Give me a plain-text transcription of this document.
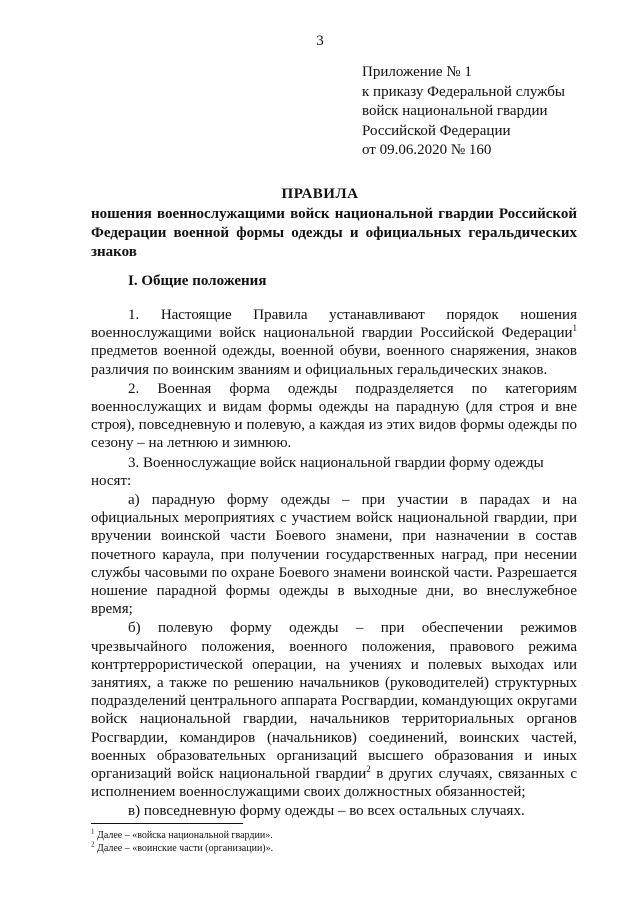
3
Приложение № 1
к приказу Федеральной службы
войск национальной гвардии
Российской Федерации
от 09.06.2020 № 160
ПРАВИЛА
ношения военнослужащими войск национальной гвардии Российской Федерации военной формы одежды и официальных геральдических знаков
I. Общие положения

1. Настоящие Правила устанавливают порядок ношения военнослужащими войск национальной гвардии Российской Федерации$^1$ предметов военной одежды, военной обуви, военного снаряжения, знаков различия по воинским званиям и официальных геральдических знаков.

2. Военная форма одежды подразделяется по категориям военнослужащих и видам формы одежды на парадную (для строя и вне строя), повседневную и полевую, а каждая из этих видов формы одежды по сезону – на летнюю и зимнюю.

3. Военнослужащие войск национальной гвардии форму одежды носят:

а) парадную форму одежды – при участии в парадах и на официальных мероприятиях с участием войск национальной гвардии, при вручении воинской части Боевого знамени, при назначении в состав почетного караула, при получении государственных наград, при несении службы часовыми по охране Боевого знамени воинской части. Разрешается ношение парадной формы одежды в выходные дни, во внеслужебное время;

б) полевую форму одежды – при обеспечении режимов чрезвычайного положения, военного положения, правового режима контртеррористической операции, на учениях и полевых выходах или занятиях, а также по решению начальников (руководителей) структурных подразделений центрального аппарата Росгвардии, командующих округами войск национальной гвардии, начальников территориальных органов Росгвардии, командиров (начальников) соединений, воинских частей, военных образовательных организаций высшего образования и иных организаций войск национальной гвардии$^2$ в других случаях, связанных с исполнением военнослужащими своих должностных обязанностей;

в) повседневную форму одежды – во всех остальных случаях.

$^1$ Далее – «войска национальной гвардии».
$^2$ Далее – «воинские части (организации)».
